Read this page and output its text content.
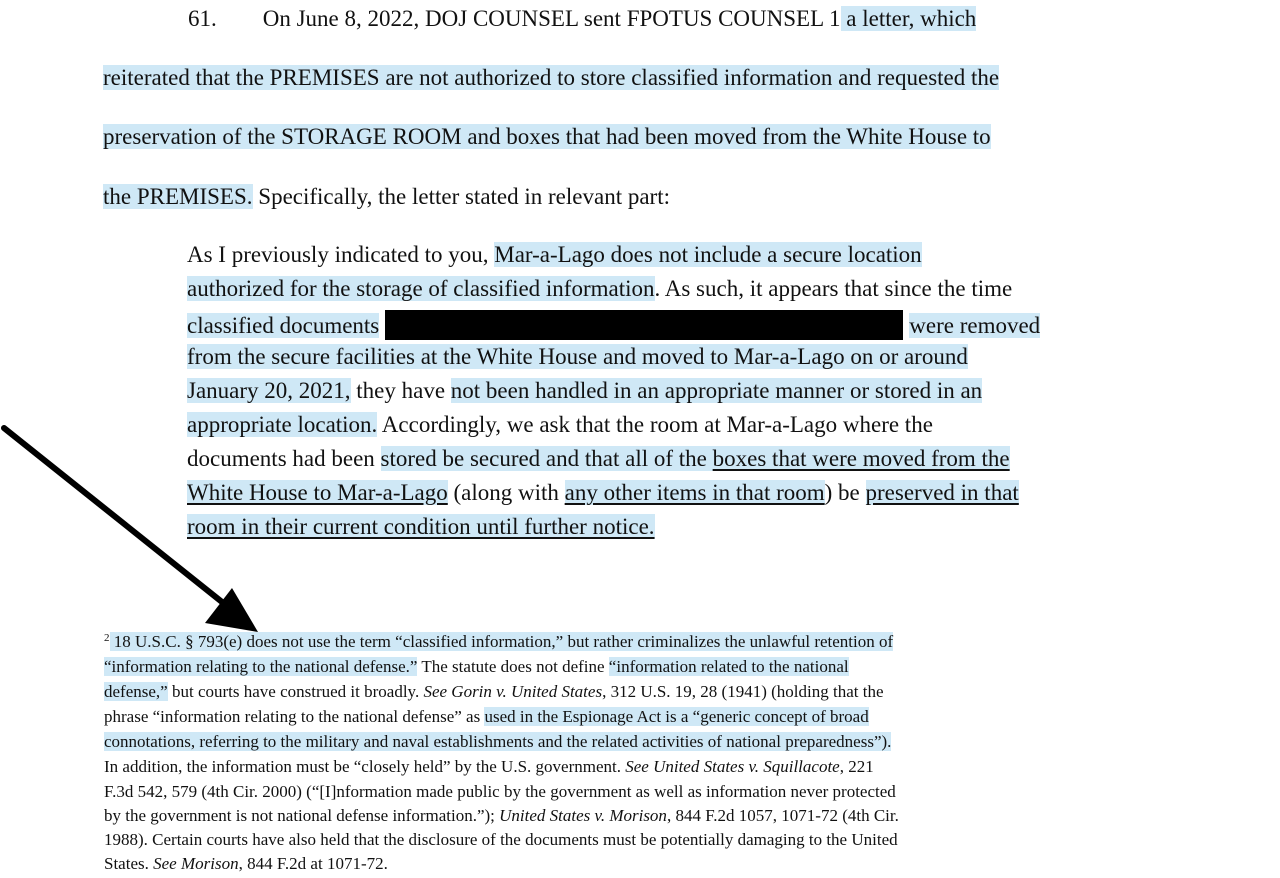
61. On June 8, 2022, DOJ COUNSEL sent FPOTUS COUNSEL 1 a letter, which
reiterated that the PREMISES are not authorized to store classified information and requested the
preservation of the STORAGE ROOM and boxes that had been moved from the White House to
the PREMISES. Specifically, the letter stated in relevant part:
As I previously indicated to you, Mar-a-Lago does not include a secure location
authorized for the storage of classified information. As such, it appears that since the time
classified documents	were removed
from the secure facilities at the White House and moved to Mar-a-Lago on or around
January 20, 2021, they have not been handled in an appropriate manner or stored in an
appropriate location. Accordingly, we ask that the room at Mar-a-Lago where the
documents had been stored be secured and that all of the boxes that were moved from the
White House to Mar-a-Lago (along with any other items in that room) be preserved in that
room in their current condition until further notice.
$^2$ 18 U.S.C. § 793(e) does not use the term “classified information,” but rather criminalizes the unlawful retention of
“information relating to the national defense.” The statute does not define “information related to the national
defense,” but courts have construed it broadly. See Gorin v. United States, 312 U.S. 19, 28 (1941) (holding that the
phrase “information relating to the national defense” as used in the Espionage Act is a “generic concept of broad
connotations, referring to the military and naval establishments and the related activities of national preparedness”).
In addition, the information must be “closely held” by the U.S. government. See United States v. Squillacote, 221
F.3d 542, 579 (4th Cir. 2000) (“[I]nformation made public by the government as well as information never protected
by the government is not national defense information.”); United States v. Morison, 844 F.2d 1057, 1071-72 (4th Cir.
1988). Certain courts have also held that the disclosure of the documents must be potentially damaging to the United
States. See Morison, 844 F.2d at 1071-72.
